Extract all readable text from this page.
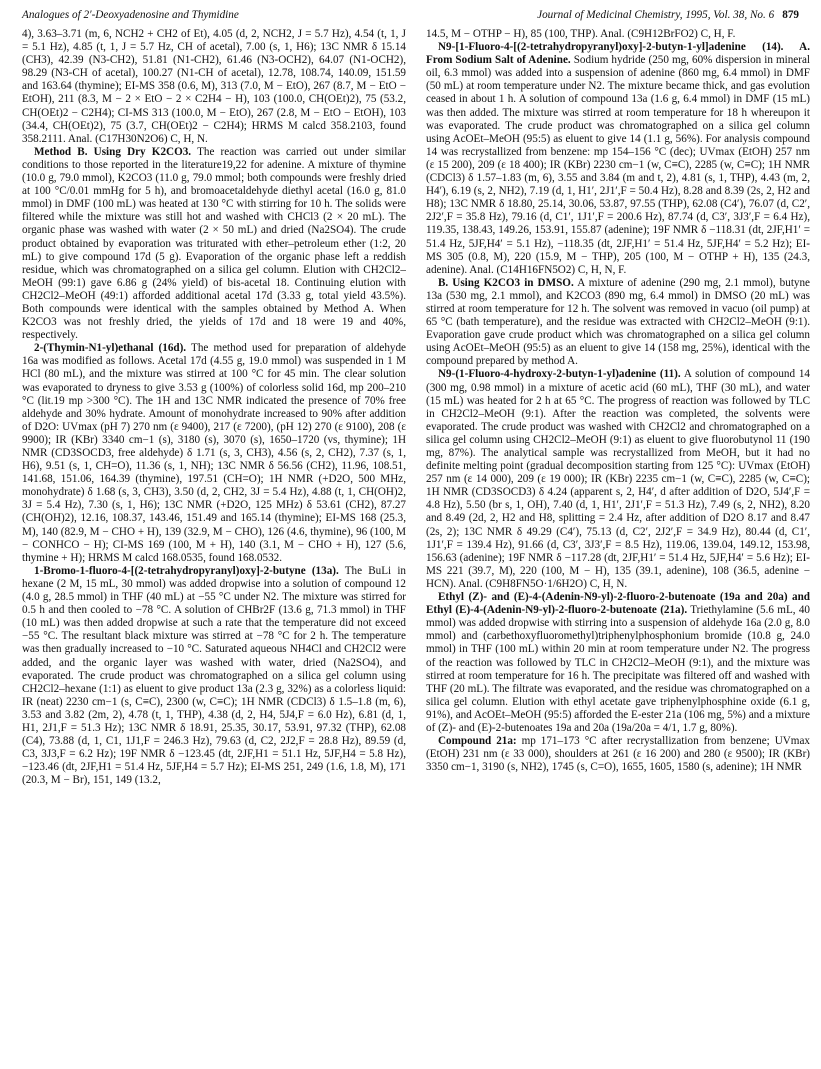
Analogues of 2′-Deoxyadenosine and Thymidine	Journal of Medicinal Chemistry, 1995, Vol. 38, No. 6 879

4), 3.63–3.71 (m, 6, NCH2 + CH2 of Et), 4.05 (d, 2, NCH2, J = 5.7 Hz), 4.54 (t, 1, J = 5.1 Hz), 4.85 (t, 1, J = 5.7 Hz, CH of acetal), 7.00 (s, 1, H6); 13C NMR δ 15.14 (CH3), 42.39 (N3-CH2), 51.81 (N1-CH2), 61.46 (N3-OCH2), 64.07 (N1-OCH2), 98.29 (N3-CH of acetal), 100.27 (N1-CH of acetal), 12.78, 108.74, 140.09, 151.59 and 163.64 (thymine); EI-MS 358 (0.6, M), 313 (7.0, M − EtO), 267 (8.7, M − EtO − EtOH), 211 (8.3, M − 2 × EtO − 2 × C2H4 − H), 103 (100.0, CH(OEt)2), 75 (53.2, CH(OEt)2 − C2H4); CI-MS 313 (100.0, M − EtO), 267 (2.8, M − EtO − EtOH), 103 (34.4, CH(OEt)2), 75 (3.7, CH(OEt)2 − C2H4); HRMS M calcd 358.2103, found 358.2111. Anal. (C17H30N2O6) C, H, N.

Method B. Using Dry K2CO3. The reaction was carried out under similar conditions to those reported in the literature19,22 for adenine. A mixture of thymine (10.0 g, 79.0 mmol), K2CO3 (11.0 g, 79.0 mmol; both compounds were freshly dried at 100 °C/0.01 mmHg for 5 h), and bromoacetaldehyde diethyl acetal (16.0 g, 81.0 mmol) in DMF (100 mL) was heated at 130 °C with stirring for 10 h. The solids were filtered while the mixture was still hot and washed with CHCl3 (2 × 20 mL). The organic phase was washed with water (2 × 50 mL) and dried (Na2SO4). The crude product obtained by evaporation was triturated with ether–petroleum ether (1:2, 20 mL) to give compound 17d (5 g). Evaporation of the organic phase left a reddish residue, which was chromatographed on a silica gel column. Elution with CH2Cl2–MeOH (99:1) gave 6.86 g (24% yield) of bis-acetal 18. Continuing elution with CH2Cl2–MeOH (49:1) afforded additional acetal 17d (3.33 g, total yield 43.5%). Both compounds were identical with the samples obtained by Method A. When K2CO3 was not freshly dried, the yields of 17d and 18 were 19 and 40%, respectively.

2-(Thymin-N1-yl)ethanal (16d). The method used for preparation of aldehyde 16a was modified as follows. Acetal 17d (4.55 g, 19.0 mmol) was suspended in 1 M HCl (80 mL), and the mixture was stirred at 100 °C for 45 min. The clear solution was evaporated to dryness to give 3.53 g (100%) of colorless solid 16d, mp 200–210 °C (lit.19 mp >300 °C). The 1H and 13C NMR indicated the presence of 70% free aldehyde and 30% hydrate. Amount of monohydrate increased to 90% after addition of D2O: UVmax (pH 7) 270 nm (ε 9400), 217 (ε 7200), (pH 12) 270 (ε 9100), 208 (ε 9900); IR (KBr) 3340 cm−1 (s), 3180 (s), 3070 (s), 1650–1720 (vs, thymine); 1H NMR (CD3SOCD3, free aldehyde) δ 1.71 (s, 3, CH3), 4.56 (s, 2, CH2), 7.37 (s, 1, H6), 9.51 (s, 1, CH=O), 11.36 (s, 1, NH); 13C NMR δ 56.56 (CH2), 11.96, 108.51, 141.68, 151.06, 164.39 (thymine), 197.51 (CH=O); 1H NMR (+D2O, 500 MHz, monohydrate) δ 1.68 (s, 3, CH3), 3.50 (d, 2, CH2, 3J = 5.4 Hz), 4.88 (t, 1, CH(OH)2, 3J = 5.4 Hz), 7.30 (s, 1, H6); 13C NMR (+D2O, 125 MHz) δ 53.61 (CH2), 87.27 (CH(OH)2), 12.16, 108.37, 143.46, 151.49 and 165.14 (thymine); EI-MS 168 (25.3, M), 140 (82.9, M − CHO + H), 139 (32.9, M − CHO), 126 (4.6, thymine), 96 (100, M − CONHCO − H); CI-MS 169 (100, M + H), 140 (3.1, M − CHO + H), 127 (5.6, thymine + H); HRMS M calcd 168.0535, found 168.0532.

1-Bromo-1-fluoro-4-[(2-tetrahydropyranyl)oxy]-2-butyne (13a). The BuLi in hexane (2 M, 15 mL, 30 mmol) was added dropwise into a solution of compound 12 (4.0 g, 28.5 mmol) in THF (40 mL) at −55 °C under N2. The mixture was stirred for 0.5 h and then cooled to −78 °C. A solution of CHBr2F (13.6 g, 71.3 mmol) in THF (10 mL) was then added dropwise at such a rate that the temperature did not exceed −55 °C. The resultant black mixture was stirred at −78 °C for 2 h. The temperature was then gradually increased to −10 °C. Saturated aqueous NH4Cl and CH2Cl2 were added, and the organic layer was washed with water, dried (Na2SO4), and evaporated. The crude product was chromatographed on a silica gel column using CH2Cl2–hexane (1:1) as eluent to give product 13a (2.3 g, 32%) as a colorless liquid: IR (neat) 2230 cm−1 (s, C≡C), 2300 (w, C≡C); 1H NMR (CDCl3) δ 1.5–1.8 (m, 6), 3.53 and 3.82 (2m, 2), 4.78 (t, 1, THP), 4.38 (d, 2, H4, 5J4,F = 6.0 Hz), 6.81 (d, 1, H1, 2J1,F = 51.3 Hz); 13C NMR δ 18.91, 25.35, 30.17, 53.91, 97.32 (THP), 62.08 (C4), 73.88 (d, 1, C1, 1J1,F = 246.3 Hz), 79.63 (d, C2, 2J2,F = 28.8 Hz), 89.59 (d, C3, 3J3,F = 6.2 Hz); 19F NMR δ −123.45 (dt, 2JF,H1 = 51.1 Hz, 5JF,H4 = 5.8 Hz), −123.46 (dt, 2JF,H1 = 51.4 Hz, 5JF,H4 = 5.7 Hz); EI-MS 251, 249 (1.6, 1.8, M), 171 (20.3, M − Br), 151, 149 (13.2,

14.5, M − OTHP − H), 85 (100, THP). Anal. (C9H12BrFO2) C, H, F.

N9-[1-Fluoro-4-[(2-tetrahydropyranyl)oxy]-2-butyn-1-yl]adenine (14). A. From Sodium Salt of Adenine. Sodium hydride (250 mg, 60% dispersion in mineral oil, 6.3 mmol) was added into a suspension of adenine (860 mg, 6.4 mmol) in DMF (50 mL) at room temperature under N2. The mixture became thick, and gas evolution ceased in about 1 h. A solution of compound 13a (1.6 g, 6.4 mmol) in DMF (15 mL) was then added. The mixture was stirred at room temperature for 18 h whereupon it was evaporated. The crude product was chromatographed on a silica gel column using AcOEt–MeOH (95:5) as eluent to give 14 (1.1 g, 56%). For analysis compound 14 was recrystallized from benzene: mp 154–156 °C (dec); UVmax (EtOH) 257 nm (ε 15 200), 209 (ε 18 400); IR (KBr) 2230 cm−1 (w, C≡C), 2285 (w, C≡C); 1H NMR (CDCl3) δ 1.57–1.83 (m, 6), 3.55 and 3.84 (m and t, 2), 4.81 (s, 1, THP), 4.43 (m, 2, H4′), 6.19 (s, 2, NH2), 7.19 (d, 1, H1′, 2J1′,F = 50.4 Hz), 8.28 and 8.39 (2s, 2, H2 and H8); 13C NMR δ 18.80, 25.14, 30.06, 53.87, 97.55 (THP), 62.08 (C4′), 76.07 (d, C2′, 2J2′,F = 35.8 Hz), 79.16 (d, C1′, 1J1′,F = 200.6 Hz), 87.74 (d, C3′, 3J3′,F = 6.4 Hz), 119.35, 138.43, 149.26, 153.91, 155.87 (adenine); 19F NMR δ −118.31 (dt, 2JF,H1′ = 51.4 Hz, 5JF,H4′ = 5.1 Hz), −118.35 (dt, 2JF,H1′ = 51.4 Hz, 5JF,H4′ = 5.2 Hz); EI-MS 305 (0.8, M), 220 (15.9, M − THP), 205 (100, M − OTHP + H), 135 (24.3, adenine). Anal. (C14H16FN5O2) C, H, N, F.

B. Using K2CO3 in DMSO. A mixture of adenine (290 mg, 2.1 mmol), butyne 13a (530 mg, 2.1 mmol), and K2CO3 (890 mg, 6.4 mmol) in DMSO (20 mL) was stirred at room temperature for 12 h. The solvent was removed in vacuo (oil pump) at 65 °C (bath temperature), and the residue was extracted with CH2Cl2–MeOH (9:1). Evaporation gave crude product which was chromatographed on a silica gel column using AcOEt–MeOH (95:5) as an eluent to give 14 (158 mg, 25%), identical with the compound prepared by method A.

N9-(1-Fluoro-4-hydroxy-2-butyn-1-yl)adenine (11). A solution of compound 14 (300 mg, 0.98 mmol) in a mixture of acetic acid (60 mL), THF (30 mL), and water (15 mL) was heated for 2 h at 65 °C. The progress of reaction was followed by TLC in CH2Cl2–MeOH (9:1). After the reaction was completed, the solvents were evaporated. The crude product was washed with CH2Cl2 and chromatographed on a silica gel column using CH2Cl2–MeOH (9:1) as eluent to give fluorobutynol 11 (190 mg, 87%). The analytical sample was recrystallized from MeOH, but it had no definite melting point (gradual decomposition starting from 125 °C): UVmax (EtOH) 257 nm (ε 14 000), 209 (ε 19 000); IR (KBr) 2235 cm−1 (w, C≡C), 2285 (w, C≡C); 1H NMR (CD3SOCD3) δ 4.24 (apparent s, 2, H4′, d after addition of D2O, 5J4′,F = 4.8 Hz), 5.50 (br s, 1, OH), 7.40 (d, 1, H1′, 2J1′,F = 51.3 Hz), 7.49 (s, 2, NH2), 8.20 and 8.49 (2d, 2, H2 and H8, splitting = 2.4 Hz, after addition of D2O 8.17 and 8.47 (2s, 2); 13C NMR δ 49.29 (C4′), 75.13 (d, C2′, 2J2′,F = 34.9 Hz), 80.44 (d, C1′, 1J1′,F = 139.4 Hz), 91.66 (d, C3′, 3J3′,F = 8.5 Hz), 119.06, 139.04, 149.12, 153.98, 156.63 (adenine); 19F NMR δ −117.28 (dt, 2JF,H1′ = 51.4 Hz, 5JF,H4′ = 5.6 Hz); EI-MS 221 (39.7, M), 220 (100, M − H), 135 (39.1, adenine), 108 (36.5, adenine − HCN). Anal. (C9H8FN5O·1/6H2O) C, H, N.

Ethyl (Z)- and (E)-4-(Adenin-N9-yl)-2-fluoro-2-butenoate (19a and 20a) and Ethyl (E)-4-(Adenin-N9-yl)-2-fluoro-2-butenoate (21a). Triethylamine (5.6 mL, 40 mmol) was added dropwise with stirring into a suspension of aldehyde 16a (2.0 g, 8.0 mmol) and (carbethoxyfluoromethyl)triphenylphosphonium bromide (10.8 g, 24.0 mmol) in THF (100 mL) within 20 min at room temperature under N2. The progress of the reaction was followed by TLC in CH2Cl2–MeOH (9:1), and the mixture was stirred at room temperature for 16 h. The precipitate was filtered off and washed with THF (20 mL). The filtrate was evaporated, and the residue was chromatographed on a silica gel column. Elution with ethyl acetate gave triphenylphosphine oxide (6.1 g, 91%), and AcOEt–MeOH (95:5) afforded the E-ester 21a (106 mg, 5%) and a mixture of (Z)- and (E)-2-butenoates 19a and 20a (19a/20a = 4/1, 1.7 g, 80%).

Compound 21a: mp 171–173 °C after recrystallization from benzene; UVmax (EtOH) 231 nm (ε 33 000), shoulders at 261 (ε 16 200) and 280 (ε 9500); IR (KBr) 3350 cm−1, 3190 (s, NH2), 1745 (s, C=O), 1655, 1605, 1580 (s, adenine); 1H NMR
